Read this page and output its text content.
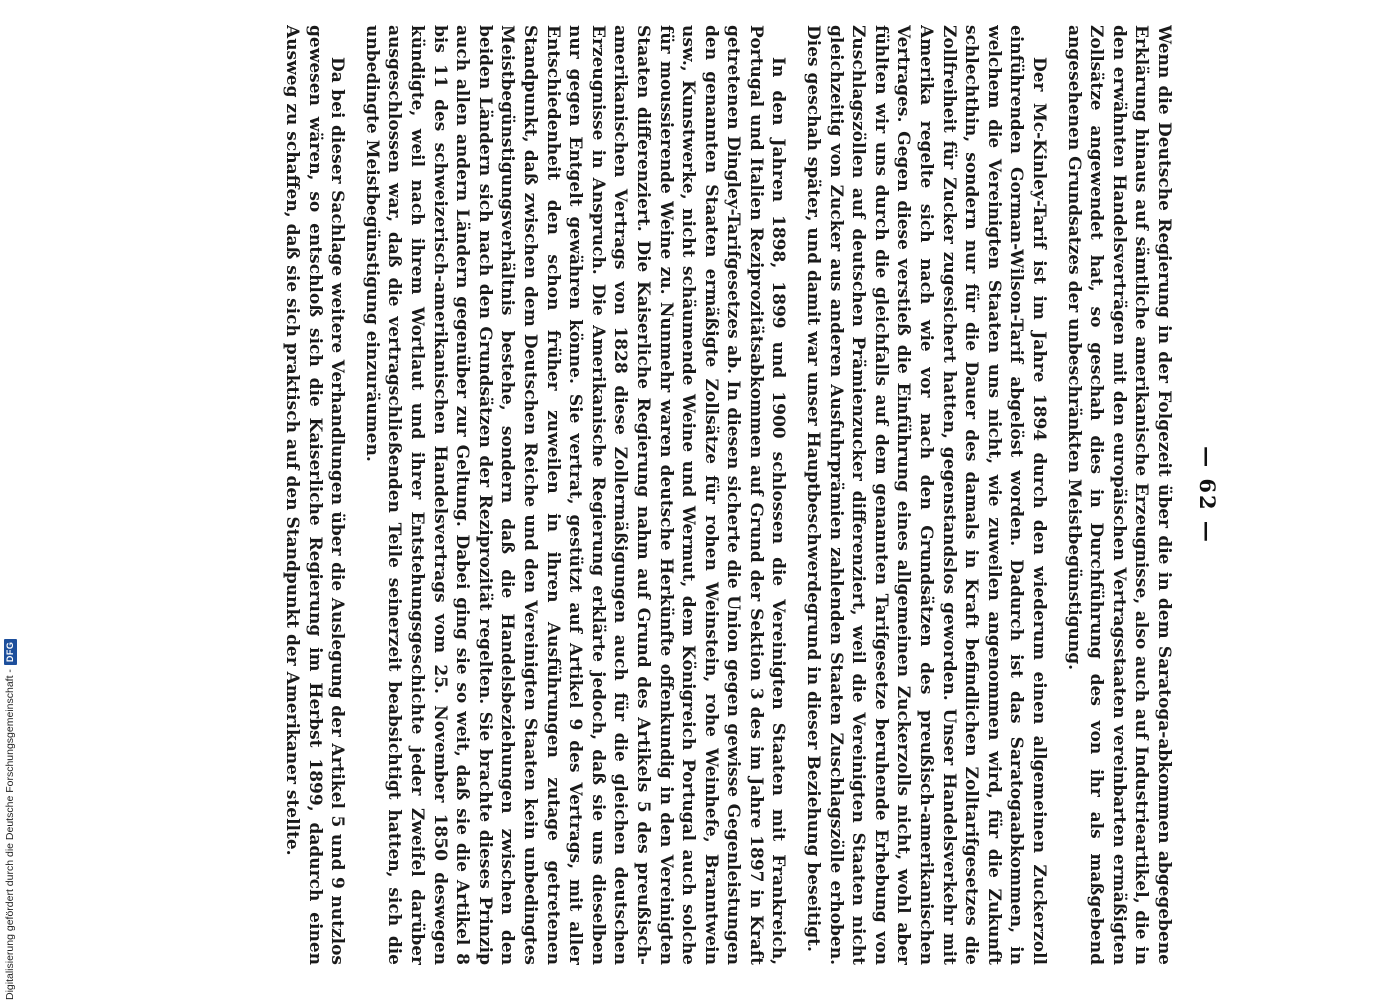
— 62 —

Wenn die Deutsche Regierung in der Folgezeit über die in dem Saratoga-abkommen abgegebene Erklärung hinaus auf sämtliche amerikanische Erzeugnisse, also auch auf Industrieartikel, die in den erwähnten Handelsverträgen mit den europäischen Vertragsstaaten vereinbarten ermäßigten Zollsätze angewendet hat, so geschah dies in Durchführung des von ihr als maßgebend angesehenen Grundsatzes der unbeschränkten Meistbegünstigung.

Der Mc-Kinley-Tarif ist im Jahre 1894 durch den wiederum einen allgemeinen Zuckerzoll einführenden Gorman-Wilson-Tarif abgelöst worden. Dadurch ist das Saratogaabkommen, in welchem die Vereinigten Staaten uns nicht, wie zuweilen angenommen wird, für die Zukunft schlechthin, sondern nur für die Dauer des damals in Kraft befindlichen Zolltarifgesetzes die Zollfreiheit für Zucker zugesichert hatten, gegenstandslos geworden. Unser Handelsverkehr mit Amerika regelte sich nach wie vor nach den Grundsätzen des preußisch-amerikanischen Vertrages. Gegen diese verstieß die Einführung eines allgemeinen Zuckerzolls nicht, wohl aber fühlten wir uns durch die gleichfalls auf dem genannten Tarifgesetze beruhende Erhebung von Zuschlagszöllen auf deutschen Prämienzucker differenziert, weil die Vereinigten Staaten nicht gleichzeitig von Zucker aus anderen Ausfuhrprämien zahlenden Staaten Zuschlagszölle erhoben. Dies geschah später, und damit war unser Hauptbeschwerdegrund in dieser Beziehung beseitigt.

In den Jahren 1898, 1899 und 1900 schlossen die Vereinigten Staaten mit Frankreich, Portugal und Italien Reziprozitätsabkommen auf Grund der Sektion 3 des im Jahre 1897 in Kraft getretenen Dingley-Tarifgesetzes ab. In diesen sicherte die Union gegen gewisse Gegenleistungen den genannten Staaten ermäßigte Zollsätze für rohen Weinstein, rohe Weinhefe, Branntwein usw., Kunstwerke, nicht schäumende Weine und Wermut, dem Königreich Portugal auch solche für moussierende Weine zu. Nunmehr waren deutsche Herkünfte offenkundig in den Vereinigten Staaten differenziert. Die Kaiserliche Regierung nahm auf Grund des Artikels 5 des preußisch-amerikanischen Vertrags von 1828 diese Zollermäßigungen auch für die gleichen deutschen Erzeugnisse in Anspruch. Die Amerikanische Regierung erklärte jedoch, daß sie uns dieselben nur gegen Entgelt gewähren könne. Sie vertrat, gestützt auf Artikel 9 des Vertrags, mit aller Entschiedenheit den schon früher zuweilen in ihren Ausführungen zutage getretenen Standpunkt, daß zwischen dem Deutschen Reiche und den Vereinigten Staaten kein unbedingtes Meistbegünstigungsverhältnis bestehe, sondern daß die Handelsbeziehungen zwischen den beiden Ländern sich nach den Grundsätzen der Reziprozität regelten. Sie brachte dieses Prinzip auch allen andern Ländern gegenüber zur Geltung. Dabei ging sie so weit, daß sie die Artikel 8 bis 11 des schweizerisch-amerikanischen Handelsvertrags vom 25. November 1850 deswegen kündigte, weil nach ihrem Wortlaut und ihrer Entstehungsgeschichte jeder Zweifel darüber ausgeschlossen war, daß die vertragschließenden Teile seinerzeit beabsichtigt hatten, sich die unbedingte Meistbegünstigung einzuräumen.

Da bei dieser Sachlage weitere Verhandlungen über die Auslegung der Artikel 5 und 9 nutzlos gewesen wären, so entschloß sich die Kaiserliche Regierung im Herbst 1899, dadurch einen Ausweg zu schaffen, daß sie sich praktisch auf den Standpunkt der Amerikaner stellte.

Digitalisierung gefördert durch die Deutsche Forschungsgemeinschaft -
DFG
